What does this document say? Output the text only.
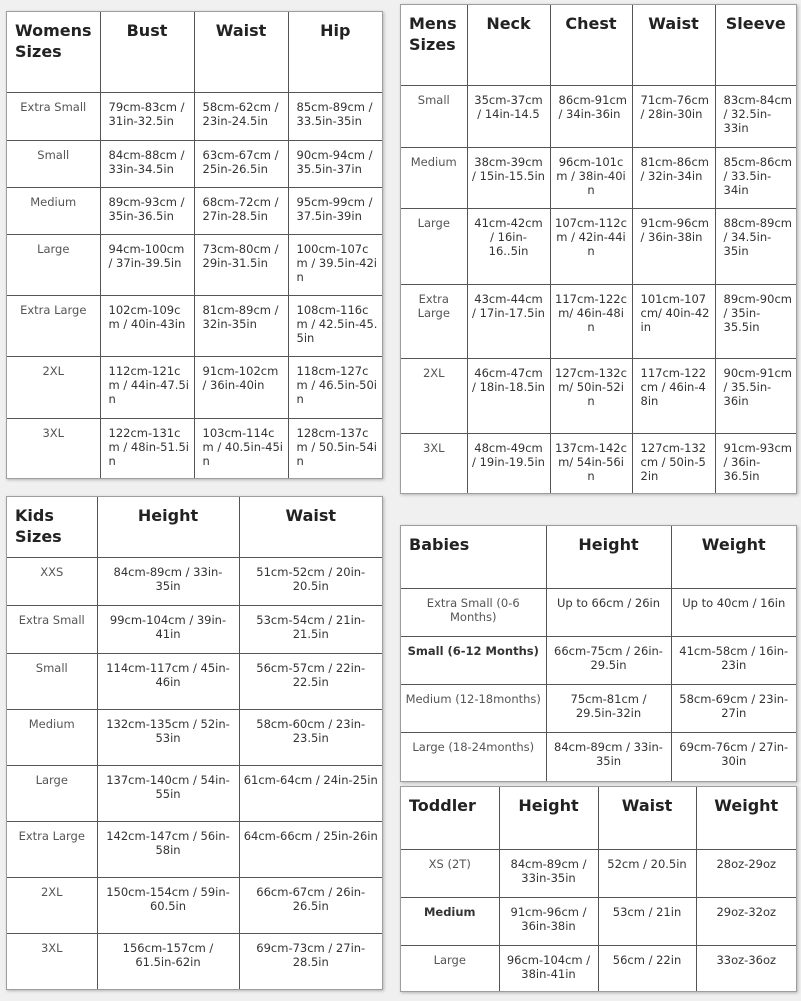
Womens Sizes	Bust	Waist	Hip
Extra Small	79cm-83cm / 31in-32.5in	58cm-62cm / 23in-24.5in	85cm-89cm / 33.5in-35in
Small	84cm-88cm / 33in-34.5in	63cm-67cm / 25in-26.5in	90cm-94cm / 35.5in-37in
Medium	89cm-93cm / 35in-36.5in	68cm-72cm / 27in-28.5in	95cm-99cm / 37.5in-39in
Large	94cm-100cm / 37in-39.5in	73cm-80cm / 29in-31.5in	100cm-107cm / 39.5in-42in
Extra Large	102cm-109cm / 40in-43in	81cm-89cm / 32in-35in	108cm-116cm / 42.5in-45.5in
2XL	112cm-121cm / 44in-47.5in	91cm-102cm / 36in-40in	118cm-127cm / 46.5in-50in
3XL	122cm-131cm / 48in-51.5in	103cm-114cm / 40.5in-45in	128cm-137cm / 50.5in-54in
Mens Sizes	Neck	Chest	Waist	Sleeve
Small	35cm-37cm / 14in-14.5	86cm-91cm / 34in-36in	71cm-76cm / 28in-30in	83cm-84cm / 32.5in-33in
Medium	38cm-39cm / 15in-15.5in	96cm-101cm / 38in-40in	81cm-86cm / 32in-34in	85cm-86cm / 33.5in-34in
Large	41cm-42cm / 16in-16..5in	107cm-112cm / 42in-44in	91cm-96cm / 36in-38in	88cm-89cm / 34.5in-35in
Extra Large	43cm-44cm / 17in-17.5in	117cm-122cm/ 46in-48in	101cm-107cm/ 40in-42in	89cm-90cm / 35in-35.5in
2XL	46cm-47cm / 18in-18.5in	127cm-132cm/ 50in-52in	117cm-122cm / 46in-48in	90cm-91cm / 35.5in-36in
3XL	48cm-49cm / 19in-19.5in	137cm-142cm/ 54in-56in	127cm-132cm / 50in-52in	91cm-93cm / 36in-36.5in
Kids Sizes	Height	Waist
XXS	84cm-89cm / 33in-35in	51cm-52cm / 20in-20.5in
Extra Small	99cm-104cm / 39in-41in	53cm-54cm / 21in-21.5in
Small	114cm-117cm / 45in-46in	56cm-57cm / 22in-22.5in
Medium	132cm-135cm / 52in-53in	58cm-60cm / 23in-23.5in
Large	137cm-140cm / 54in-55in	61cm-64cm / 24in-25in
Extra Large	142cm-147cm / 56in-58in	64cm-66cm / 25in-26in
2XL	150cm-154cm / 59in-60.5in	66cm-67cm / 26in-26.5in
3XL	156cm-157cm / 61.5in-62in	69cm-73cm / 27in-28.5in
Babies	Height	Weight
Extra Small (0-6 Months)	Up to 66cm / 26in	Up to 40cm / 16in
Small (6-12 Months)	66cm-75cm / 26in-29.5in	41cm-58cm / 16in-23in
Medium (12-18months)	75cm-81cm / 29.5in-32in	58cm-69cm / 23in-27in
Large (18-24months)	84cm-89cm / 33in-35in	69cm-76cm / 27in-30in
Toddler	Height	Waist	Weight
XS (2T)	84cm-89cm / 33in-35in	52cm / 20.5in	28oz-29oz
Medium	91cm-96cm / 36in-38in	53cm / 21in	29oz-32oz
Large	96cm-104cm / 38in-41in	56cm / 22in	33oz-36oz
